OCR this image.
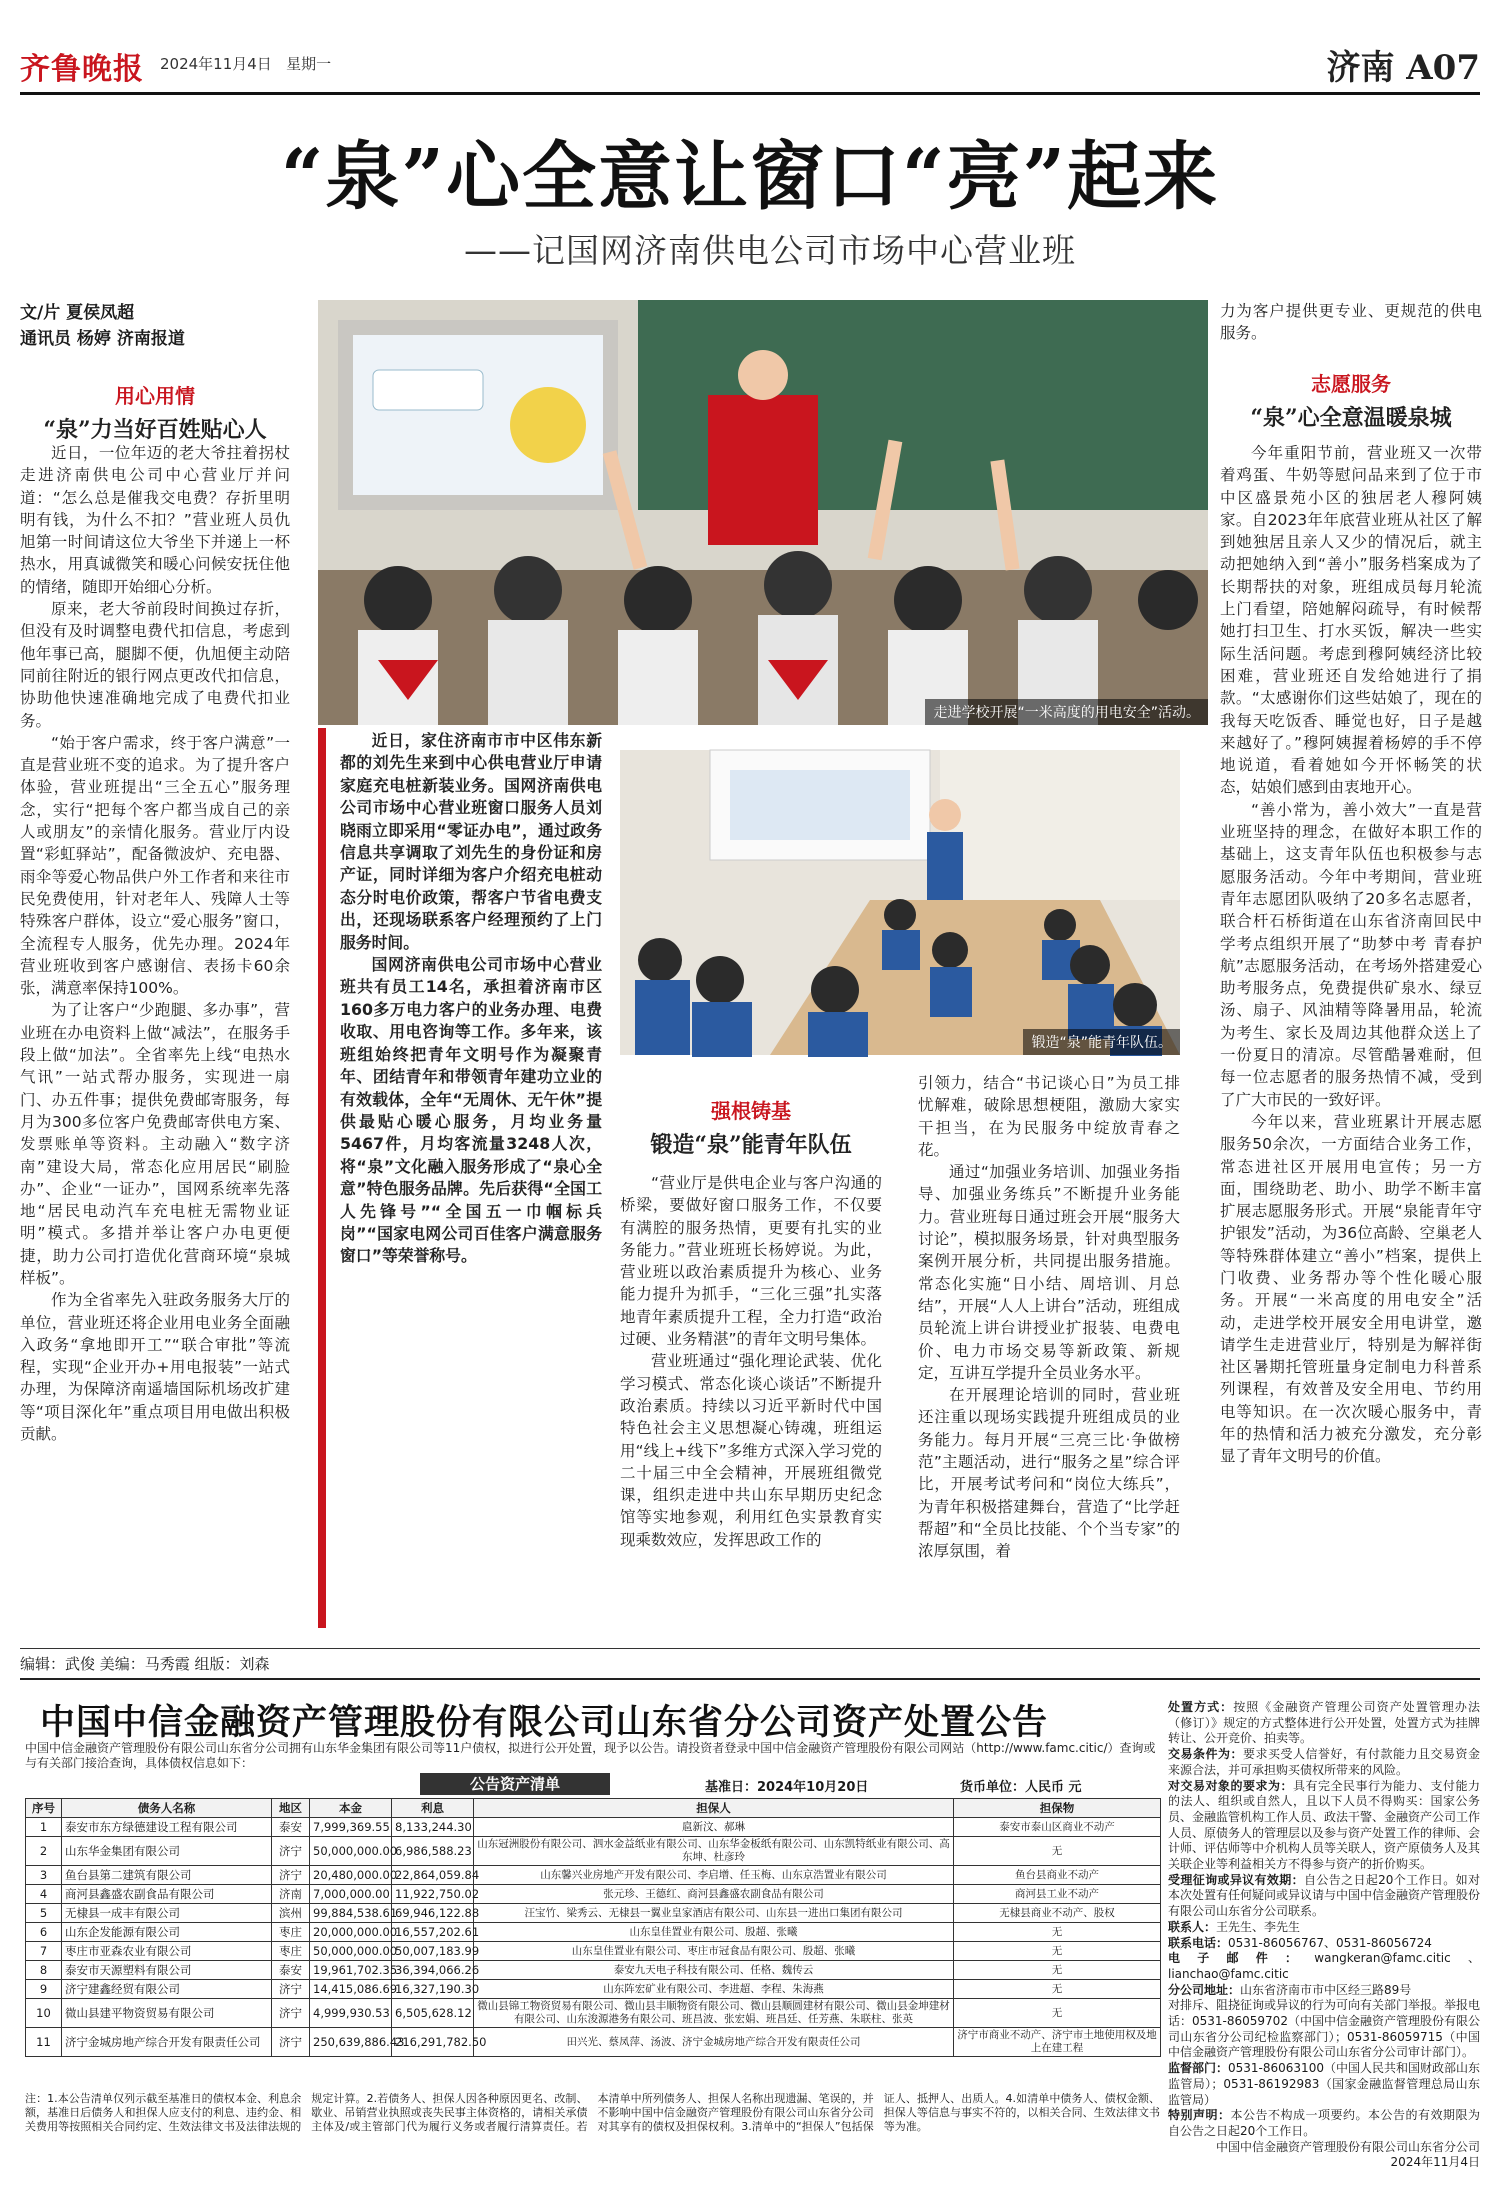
齐鲁晚报 2024年11月4日 星期一	济南 A07
“泉”心全意让窗口“亮”起来
——记国网济南供电公司市场中心营业班
文/片 夏侯凤超
通讯员 杨婷 济南报道
用心用情
“泉”力当好百姓贴心人

近日，一位年迈的老大爷拄着拐杖走进济南供电公司中心营业厅并问道：“怎么总是催我交电费？存折里明明有钱，为什么不扣？”营业班人员仇旭第一时间请这位大爷坐下并递上一杯热水，用真诚微笑和暖心问候安抚住他的情绪，随即开始细心分析。

原来，老大爷前段时间换过存折，但没有及时调整电费代扣信息，考虑到他年事已高，腿脚不便，仇旭便主动陪同前往附近的银行网点更改代扣信息，协助他快速准确地完成了电费代扣业务。

“始于客户需求，终于客户满意”一直是营业班不变的追求。为了提升客户体验，营业班提出“三全五心”服务理念，实行“把每个客户都当成自己的亲人或朋友”的亲情化服务。营业厅内设置“彩虹驿站”，配备微波炉、充电器、雨伞等爱心物品供户外工作者和来往市民免费使用，针对老年人、残障人士等特殊客户群体，设立“爱心服务”窗口，全流程专人服务，优先办理。2024年营业班收到客户感谢信、表扬卡60余张，满意率保持100%。

为了让客户“少跑腿、多办事”，营业班在办电资料上做“减法”，在服务手段上做“加法”。全省率先上线“电热水气讯”一站式帮办服务，实现进一扇门、办五件事；提供免费邮寄服务，每月为300多位客户免费邮寄供电方案、发票账单等资料。主动融入“数字济南”建设大局，常态化应用居民“刷脸办”、企业“一证办”，国网系统率先落地“居民电动汽车充电桩无需物业证明”模式。多措并举让客户办电更便捷，助力公司打造优化营商环境“泉城样板”。

作为全省率先入驻政务服务大厅的单位，营业班还将企业用电业务全面融入政务“拿地即开工”“联合审批”等流程，实现“企业开办+用电报装”一站式办理，为保障济南遥墙国际机场改扩建等“项目深化年”重点项目用电做出积极贡献。

走进学校开展“一米高度的用电安全”活动。

近日，家住济南市市中区伟东新都的刘先生来到中心供电营业厅申请家庭充电桩新装业务。国网济南供电公司市场中心营业班窗口服务人员刘晓雨立即采用“零证办电”，通过政务信息共享调取了刘先生的身份证和房产证，同时详细为客户介绍充电桩动态分时电价政策，帮客户节省电费支出，还现场联系客户经理预约了上门服务时间。

国网济南供电公司市场中心营业班共有员工14名，承担着济南市区160多万电力客户的业务办理、电费收取、用电咨询等工作。多年来，该班组始终把青年文明号作为凝聚青年、团结青年和带领青年建功立业的有效载体，全年“无周休、无午休”提供最贴心暖心服务，月均业务量5467件，月均客流量3248人次，将“泉”文化融入服务形成了“泉心全意”特色服务品牌。先后获得“全国工人先锋号”“全国五一巾帼标兵岗”“国家电网公司百佳客户满意服务窗口”等荣誉称号。

锻造“泉”能青年队伍。
强根铸基
锻造“泉”能青年队伍

“营业厅是供电企业与客户沟通的桥梁，要做好窗口服务工作，不仅要有满腔的服务热情，更要有扎实的业务能力。”营业班班长杨婷说。为此，营业班以政治素质提升为核心、业务能力提升为抓手，“三化三强”扎实落地青年素质提升工程，全力打造“政治过硬、业务精湛”的青年文明号集体。

营业班通过“强化理论武装、优化学习模式、常态化谈心谈话”不断提升政治素质。持续以习近平新时代中国特色社会主义思想凝心铸魂，班组运用“线上+线下”多维方式深入学习党的二十届三中全会精神，开展班组微党课，组织走进中共山东早期历史纪念馆等实地参观，利用红色实景教育实现乘数效应，发挥思政工作的

引领力，结合“书记谈心日”为员工排忧解难，破除思想梗阻，激励大家实干担当，在为民服务中绽放青春之花。

通过“加强业务培训、加强业务指导、加强业务练兵”不断提升业务能力。营业班每日通过班会开展“服务大讨论”，模拟服务场景，针对典型服务案例开展分析，共同提出服务措施。常态化实施“日小结、周培训、月总结”，开展“人人上讲台”活动，班组成员轮流上讲台讲授业扩报装、电费电价、电力市场交易等新政策、新规定，互讲互学提升全员业务水平。

在开展理论培训的同时，营业班还注重以现场实践提升班组成员的业务能力。每月开展“三亮三比·争做榜范”主题活动，进行“服务之星”综合评比，开展考试考问和“岗位大练兵”，为青年积极搭建舞台，营造了“比学赶帮超”和“全员比技能、个个当专家”的浓厚氛围，着

力为客户提供更专业、更规范的供电服务。

志愿服务
“泉”心全意温暖泉城

今年重阳节前，营业班又一次带着鸡蛋、牛奶等慰问品来到了位于市中区盛景苑小区的独居老人穆阿姨家。自2023年年底营业班从社区了解到她独居且亲人又少的情况后，就主动把她纳入到“善小”服务档案成为了长期帮扶的对象，班组成员每月轮流上门看望，陪她解闷疏导，有时候帮她打扫卫生、打水买饭，解决一些实际生活问题。考虑到穆阿姨经济比较困难，营业班还自发给她进行了捐款。“太感谢你们这些姑娘了，现在的我每天吃饭香、睡觉也好，日子是越来越好了。”穆阿姨握着杨婷的手不停地说道，看着她如今开怀畅笑的状态，姑娘们感到由衷地开心。

“善小常为，善小效大”一直是营业班坚持的理念，在做好本职工作的基础上，这支青年队伍也积极参与志愿服务活动。今年中考期间，营业班青年志愿团队吸纳了20多名志愿者，联合杆石桥街道在山东省济南回民中学考点组织开展了“助梦中考 青春护航”志愿服务活动，在考场外搭建爱心助考服务点，免费提供矿泉水、绿豆汤、扇子、风油精等降暑用品，轮流为考生、家长及周边其他群众送上了一份夏日的清凉。尽管酷暑难耐，但每一位志愿者的服务热情不减，受到了广大市民的一致好评。

今年以来，营业班累计开展志愿服务50余次，一方面结合业务工作，常态进社区开展用电宣传；另一方面，围绕助老、助小、助学不断丰富扩展志愿服务形式。开展“泉能青年守护银发”活动，为36位高龄、空巢老人等特殊群体建立“善小”档案，提供上门收费、业务帮办等个性化暖心服务。开展“一米高度的用电安全”活动，走进学校开展安全用电讲堂，邀请学生走进营业厅，特别是为解祥街社区暑期托管班量身定制电力科普系列课程，有效普及安全用电、节约用电等知识。在一次次暖心服务中，青年的热情和活力被充分激发，充分彰显了青年文明号的价值。

编辑：武俊 美编：马秀霞 组版：刘森
中国中信金融资产管理股份有限公司山东省分公司资产处置公告
中国中信金融资产管理股份有限公司山东省分公司拥有山东华金集团有限公司等11户债权，拟进行公开处置，现予以公告。请投资者登录中国中信金融资产管理股份有限公司网站（http://www.famc.citic/）查询或与有关部门接洽查询，具体债权信息如下：
公告资产清单	基准日：2024年10月20日	货币单位：人民币 元
序号	债务人名称	地区	本金	利息	担保人	担保物
1	泰安市东方绿德建设工程有限公司	泰安	7,999,369.55	8,133,244.30	扈新汶、郝琳	泰安市泰山区商业不动产
2	山东华金集团有限公司	济宁	50,000,000.00	6,986,588.23	山东冠洲股份有限公司、泗水金益纸业有限公司、山东华金板纸有限公司、山东凯特纸业有限公司、高东坤、杜彦玲	无
3	鱼台县第二建筑有限公司	济宁	20,480,000.00	22,864,059.84	山东馨兴业房地产开发有限公司、李启增、任玉梅、山东京浩置业有限公司	鱼台县商业不动产
4	商河县鑫盛农副食品有限公司	济南	7,000,000.00	11,922,750.02	张元珍、王德红、商河县鑫盛农副食品有限公司	商河县工业不动产
5	无棣县一成丰有限公司	滨州	99,884,538.61	69,946,122.88	汪宝竹、梁秀云、无棣县一翼业皇家酒店有限公司、山东县一进出口集团有限公司	无棣县商业不动产、股权
6	山东企发能源有限公司	枣庄	20,000,000.00	16,557,202.61	山东皇佳置业有限公司、殷超、张曦	无
7	枣庄市亚森农业有限公司	枣庄	50,000,000.00	50,007,183.99	山东皇佳置业有限公司、枣庄市冠食品有限公司、殷超、张曦	无
8	泰安市天源塑料有限公司	泰安	19,961,702.35	36,394,066.26	泰安九天电子科技有限公司、任格、魏传云	无
9	济宁建鑫经贸有限公司	济宁	14,415,086.69	16,327,190.30	山东阵宏矿业有限公司、李进超、李程、朱海燕	无
10	微山县建平物资贸易有限公司	济宁	4,999,930.53	6,505,628.12	微山县锦工物资贸易有限公司、微山县丰顺物资有限公司、微山县顺圆建材有限公司、微山县金坤建材有限公司、山东浚源港务有限公司、班昌波、张宏娟、班昌廷、任芳燕、朱联柱、张英	无
11	济宁金城房地产综合开发有限责任公司	济宁	250,639,886.43	216,291,782.50	田兴光、蔡凤萍、汤波、济宁金城房地产综合开发有限责任公司	济宁市商业不动产、济宁市土地使用权及地上在建工程
注：1.本公告清单仅列示截至基准日的债权本金、利息余额，基准日后债务人和担保人应支付的利息、违约金、相关费用等按照相关合同约定、生效法律文书及法律法规的规定计算。2.若债务人、担保人因各种原因更名、改制、歇业、吊销营业执照或丧失民事主体资格的，请相关承债主体及/或主管部门代为履行义务或者履行清算责任。若本清单中所列债务人、担保人名称出现遗漏、笔误的，并不影响中国中信金融资产管理股份有限公司山东省分公司对其享有的债权及担保权利。3.清单中的“担保人”包括保证人、抵押人、出质人。4.如清单中债务人、债权金额、担保人等信息与事实不符的，以相关合同、生效法律文书等为准。
处置方式：按照《金融资产管理公司资产处置管理办法（修订）》规定的方式整体进行公开处置，处置方式为挂牌转让、公开竞价、拍卖等。
交易条件为：要求买受人信誉好，有付款能力且交易资金来源合法，并可承担购买债权所带来的风险。
对交易对象的要求为：具有完全民事行为能力、支付能力的法人、组织或自然人，且以下人员不得购买：国家公务员、金融监管机构工作人员、政法干警、金融资产公司工作人员、原债务人的管理层以及参与资产处置工作的律师、会计师、评估师等中介机构人员等关联人，资产原债务人及其关联企业等利益相关方不得参与资产的折价购买。
受理征询或异议有效期：自公告之日起20个工作日。如对本次处置有任何疑问或异议请与中国中信金融资产管理股份有限公司山东省分公司联系。
联系人：王先生、李先生
联系电话：0531-86056767、0531-86056724
电子邮件：wangkeran@famc.citic、lianchao@famc.citic
分公司地址：山东省济南市市中区经三路89号
对排斥、阻挠征询或异议的行为可向有关部门举报。举报电话：0531-86059702（中国中信金融资产管理股份有限公司山东省分公司纪检监察部门）；0531-86059715（中国中信金融资产管理股份有限公司山东省分公司审计部门）。
监督部门：0531-86063100（中国人民共和国财政部山东监管局）；0531-86192983（国家金融监督管理总局山东监管局）
特别声明：本公告不构成一项要约。本公告的有效期限为自公告之日起20个工作日。
中国中信金融资产管理股份有限公司山东省分公司
2024年11月4日
